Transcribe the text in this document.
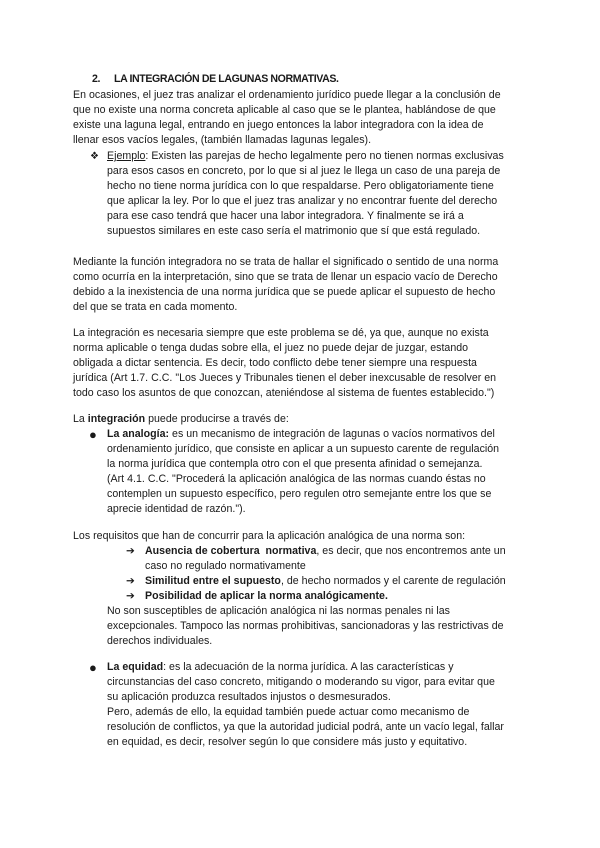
2. LA INTEGRACIÓN DE LAGUNAS NORMATIVAS.
En ocasiones, el juez tras analizar el ordenamiento jurídico puede llegar a la conclusión de
que no existe una norma concreta aplicable al caso que se le plantea, hablándose de que
existe una laguna legal, entrando en juego entonces la labor integradora con la idea de
llenar esos vacíos legales, (también llamadas lagunas legales).
❖ Ejemplo: Existen las parejas de hecho legalmente pero no tienen normas exclusivas
para esos casos en concreto, por lo que si al juez le llega un caso de una pareja de
hecho no tiene norma jurídica con lo que respaldarse. Pero obligatoriamente tiene
que aplicar la ley. Por lo que el juez tras analizar y no encontrar fuente del derecho
para ese caso tendrá que hacer una labor integradora. Y finalmente se irá a
supuestos similares en este caso sería el matrimonio que sí que está regulado.
Mediante la función integradora no se trata de hallar el significado o sentido de una norma
como ocurría en la interpretación, sino que se trata de llenar un espacio vacío de Derecho
debido a la inexistencia de una norma jurídica que se puede aplicar el supuesto de hecho
del que se trata en cada momento.
La integración es necesaria siempre que este problema se dé, ya que, aunque no exista
norma aplicable o tenga dudas sobre ella, el juez no puede dejar de juzgar, estando
obligada a dictar sentencia. Es decir, todo conflicto debe tener siempre una respuesta
jurídica (Art 1.7. C.C. "Los Jueces y Tribunales tienen el deber inexcusable de resolver en
todo caso los asuntos de que conozcan, ateniéndose al sistema de fuentes establecido.")
La integración puede producirse a través de:
● La analogía: es un mecanismo de integración de lagunas o vacíos normativos del
ordenamiento jurídico, que consiste en aplicar a un supuesto carente de regulación
la norma jurídica que contempla otro con el que presenta afinidad o semejanza.
(Art 4.1. C.C. "Procederá la aplicación analógica de las normas cuando éstas no
contemplen un supuesto específico, pero regulen otro semejante entre los que se
aprecie identidad de razón.").
Los requisitos que han de concurrir para la aplicación analógica de una norma son:
➔ Ausencia de cobertura  normativa, es decir, que nos encontremos ante un
caso no regulado normativamente
➔ Similitud entre el supuesto, de hecho normados y el carente de regulación
➔ Posibilidad de aplicar la norma analógicamente.
No son susceptibles de aplicación analógica ni las normas penales ni las
excepcionales. Tampoco las normas prohibitivas, sancionadoras y las restrictivas de
derechos individuales.
● La equidad: es la adecuación de la norma jurídica. A las características y
circunstancias del caso concreto, mitigando o moderando su vigor, para evitar que
su aplicación produzca resultados injustos o desmesurados.
Pero, además de ello, la equidad también puede actuar como mecanismo de
resolución de conflictos, ya que la autoridad judicial podrá, ante un vacío legal, fallar
en equidad, es decir, resolver según lo que considere más justo y equitativo.
